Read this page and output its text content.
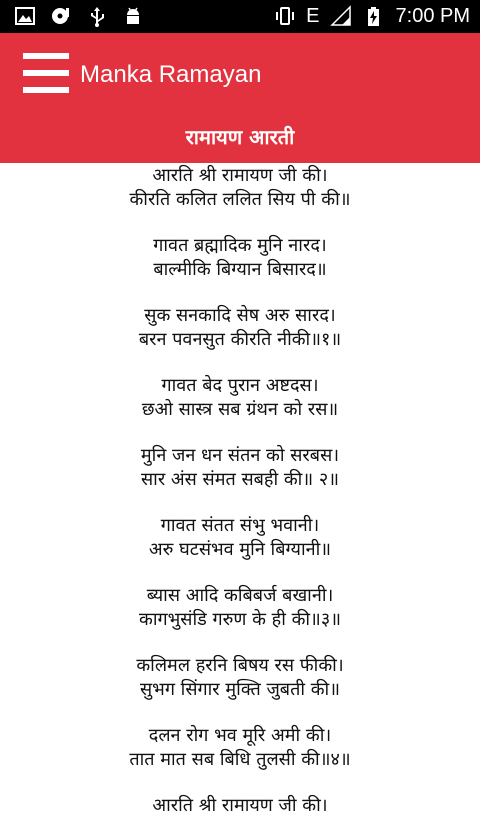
E	7:00 PM
Manka Ramayan
रामायण आरती
आरति श्री रामायण जी की।
कीरति कलित ललित सिय पी की॥
गावत ब्रह्मादिक मुनि नारद।
बाल्मीकि बिग्यान बिसारद॥
सुक सनकादि सेष अरु सारद।
बरन पवनसुत कीरति नीकी॥१॥
गावत बेद पुरान अष्टदस।
छओ सास्त्र सब ग्रंथन को रस॥
मुनि जन धन संतन को सरबस।
सार अंस संमत सबही की॥ २॥
गावत संतत संभु भवानी।
अरु घटसंभव मुनि बिग्यानी॥
ब्यास आदि कबिबर्ज बखानी।
कागभुसंडि गरुण के ही की॥३॥
कलिमल हरनि बिषय रस फीकी।
सुभग सिंगार मुक्ति जुबती की॥
दलन रोग भव मूरि अमी की।
तात मात सब बिधि तुलसी की॥४॥
आरति श्री रामायण जी की।
